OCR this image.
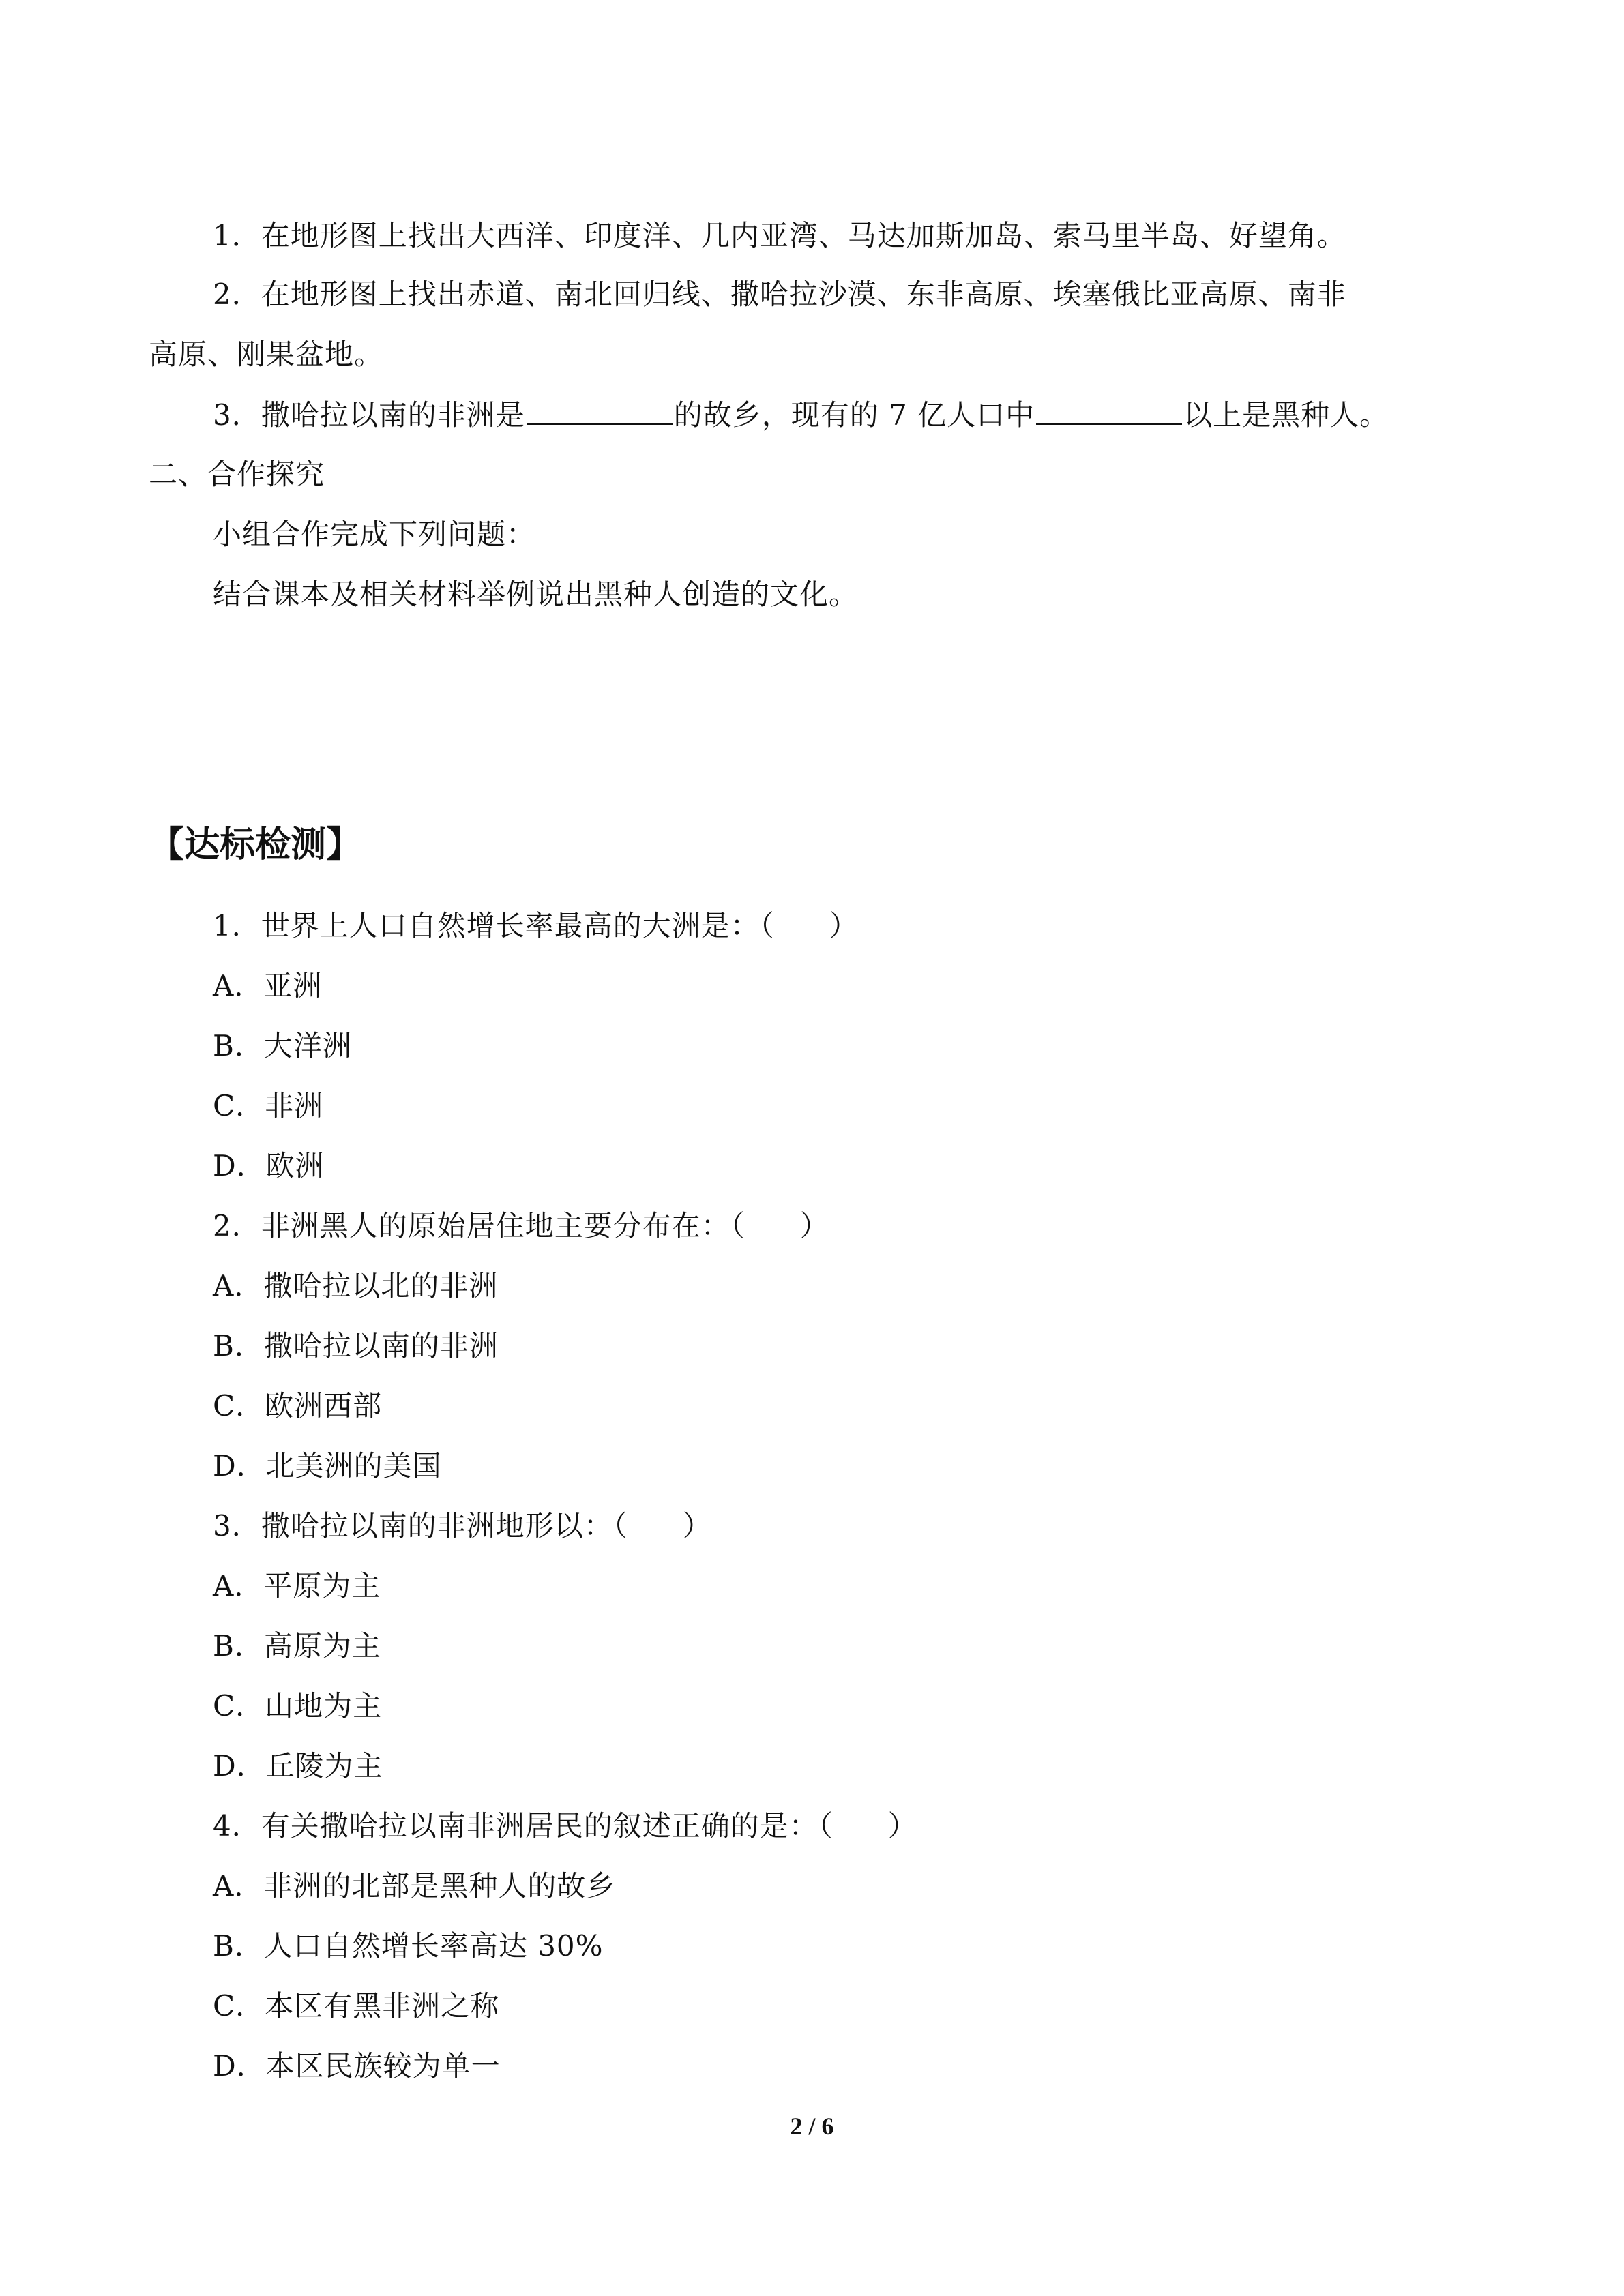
1．在地形图上找出大西洋、印度洋、几内亚湾、马达加斯加岛、索马里半岛、好望角。
2．在地形图上找出赤道、南北回归线、撒哈拉沙漠、东非高原、埃塞俄比亚高原、南非
高原、刚果盆地。
3．撒哈拉以南的非洲是	的故乡，现有的 7 亿人口中	以上是黑种人。
二、合作探究
小组合作完成下列问题：
结合课本及相关材料举例说出黑种人创造的文化。
【达标检测】
1．世界上人口自然增长率最高的大洲是：（ ）
A．亚洲
B．大洋洲
C．非洲
D．欧洲
2．非洲黑人的原始居住地主要分布在：（ ）
A．撒哈拉以北的非洲
B．撒哈拉以南的非洲
C．欧洲西部
D．北美洲的美国
3．撒哈拉以南的非洲地形以：（ ）
A．平原为主
B．高原为主
C．山地为主
D．丘陵为主
4．有关撒哈拉以南非洲居民的叙述正确的是：（ ）
A．非洲的北部是黑种人的故乡
B．人口自然增长率高达 30%
C．本区有黑非洲之称
D．本区民族较为单一
2 / 6
